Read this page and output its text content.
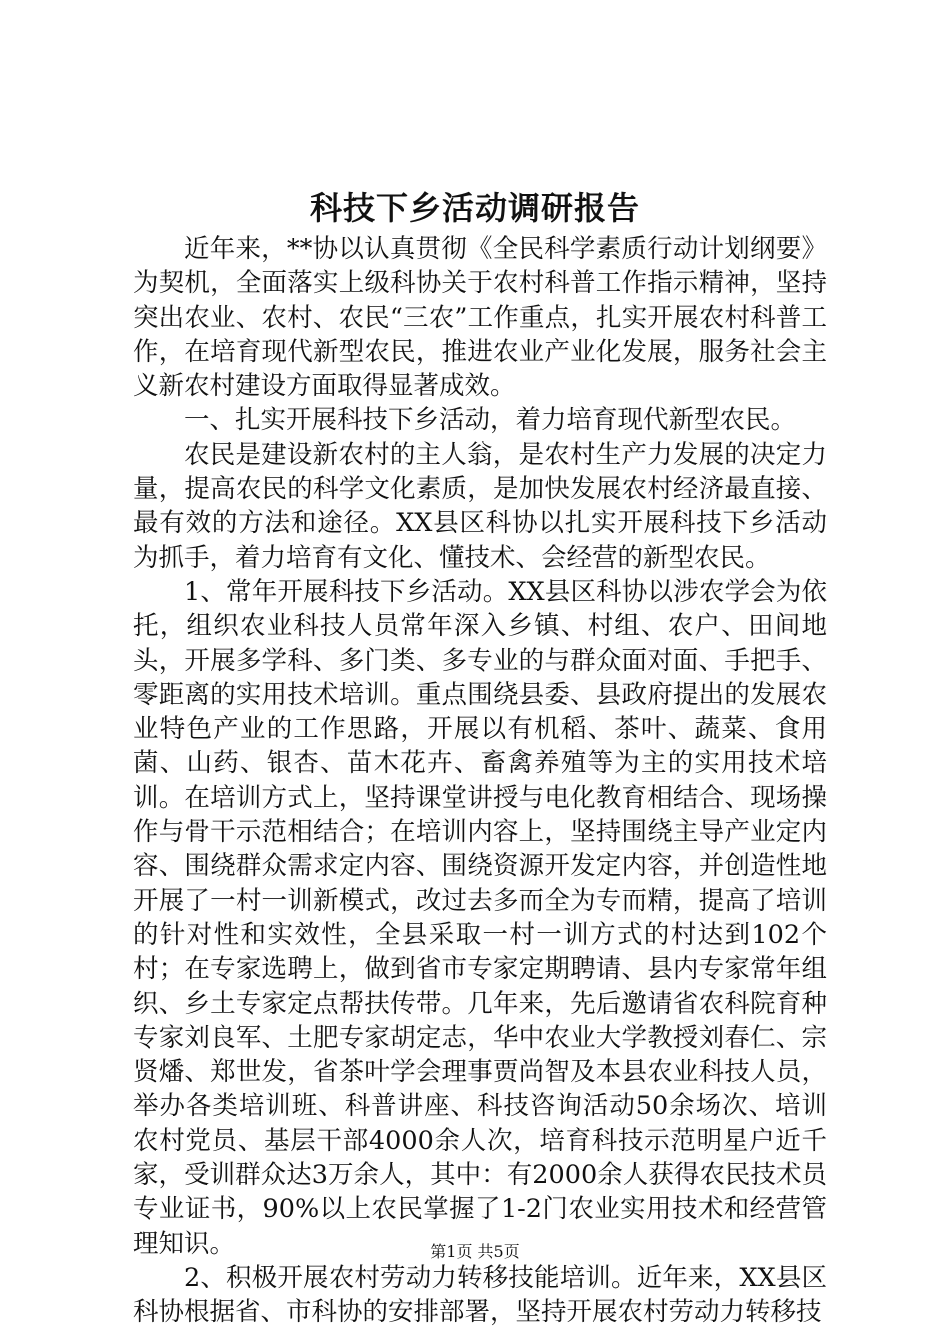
科技下乡活动调研报告

近年来，**协以认真贯彻《全民科学素质行动计划纲要》为契机，全面落实上级科协关于农村科普工作指示精神，坚持突出农业、农村、农民“三农”工作重点，扎实开展农村科普工作，在培育现代新型农民，推进农业产业化发展，服务社会主义新农村建设方面取得显著成效。

一、扎实开展科技下乡活动，着力培育现代新型农民。

农民是建设新农村的主人翁，是农村生产力发展的决定力量，提高农民的科学文化素质，是加快发展农村经济最直接、最有效的方法和途径。XX县区科协以扎实开展科技下乡活动为抓手，着力培育有文化、懂技术、会经营的新型农民。

1、常年开展科技下乡活动。XX县区科协以涉农学会为依托，组织农业科技人员常年深入乡镇、村组、农户、田间地头，开展多学科、多门类、多专业的与群众面对面、手把手、零距离的实用技术培训。重点围绕县委、县政府提出的发展农业特色产业的工作思路，开展以有机稻、茶叶、蔬菜、食用菌、山药、银杏、苗木花卉、畜禽养殖等为主的实用技术培训。在培训方式上，坚持课堂讲授与电化教育相结合、现场操作与骨干示范相结合；在培训内容上，坚持围绕主导产业定内容、围绕群众需求定内容、围绕资源开发定内容，并创造性地开展了一村一训新模式，改过去多而全为专而精，提高了培训的针对性和实效性，全县采取一村一训方式的村达到102个村；在专家选聘上，做到省市专家定期聘请、县内专家常年组织、乡土专家定点帮扶传带。几年来，先后邀请省农科院育种专家刘良军、土肥专家胡定志，华中农业大学教授刘春仁、宗贤燔、郑世发，省茶叶学会理事贾尚智及本县农业科技人员，举办各类培训班、科普讲座、科技咨询活动50余场次、培训农村党员、基层干部4000余人次，培育科技示范明星户近千家，受训群众达3万余人，其中：有2000余人获得农民技术员专业证书，90%以上农民掌握了1-2门农业实用技术和经营管理知识。

2、积极开展农村劳动力转移技能培训。近年来，XX县区科协根据省、市科协的安排部署，坚持开展农村劳动力转移技

第1页 共5页
